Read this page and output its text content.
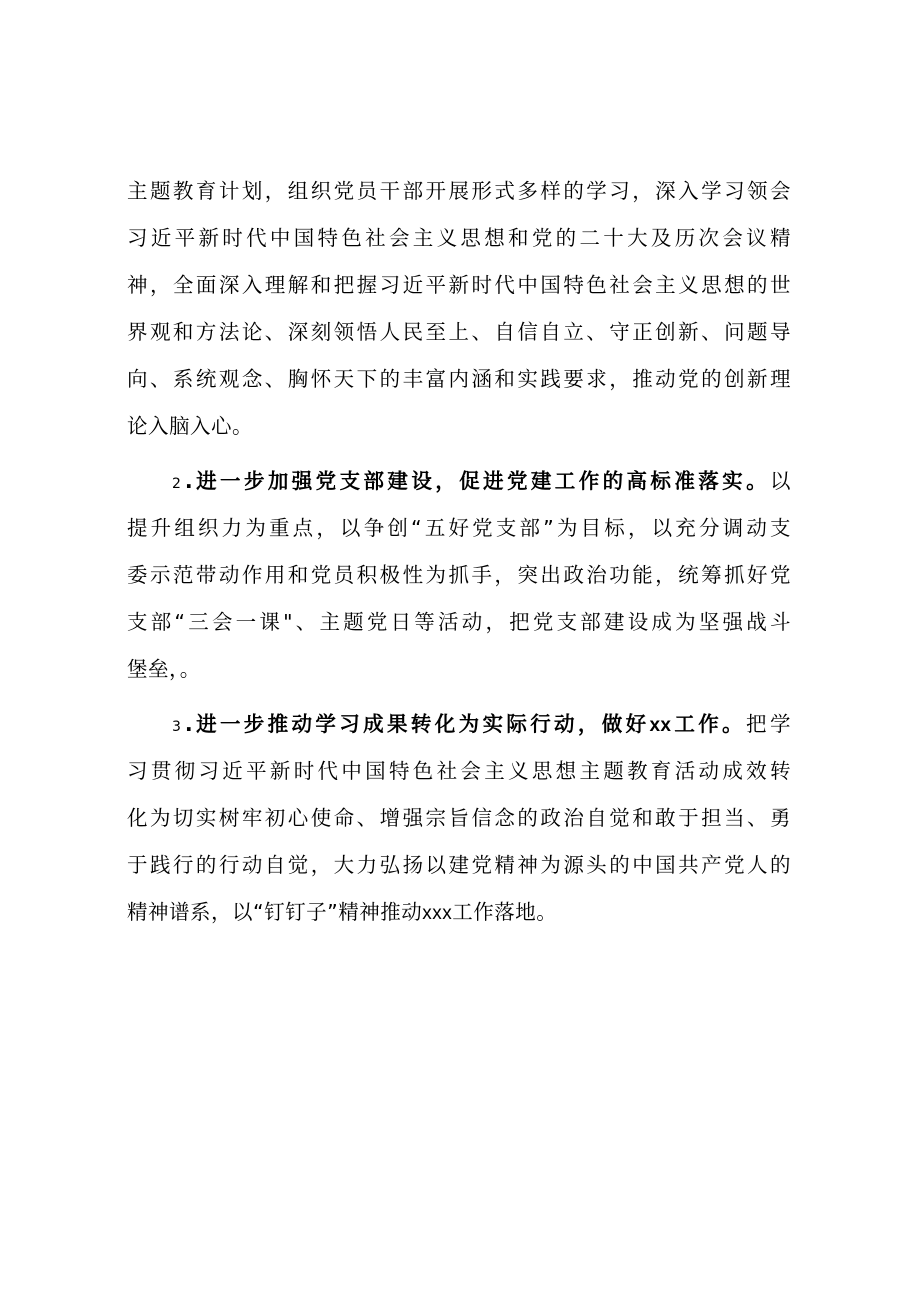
主题教育计划，组织党员干部开展形式多样的学习，深入学习领会
习近平新时代中国特色社会主义思想和党的二十大及历次会议精
神，全面深入理解和把握习近平新时代中国特色社会主义思想的世
界观和方法论、深刻领悟人民至上、自信自立、守正创新、问题导
向、系统观念、胸怀天下的丰富内涵和实践要求，推动党的创新理
论入脑入心。
2 .进一步加强党支部建设，促进党建工作的高标准落实。以
提升组织力为重点，以争创“五好党支部”为目标，以充分调动支
委示范带动作用和党员积极性为抓手，突出政治功能，统筹抓好党
支部“三会一课"、主题党日等活动，把党支部建设成为坚强战斗
堡垒，。
3 .进一步推动学习成果转化为实际行动，做好xx工作。把学
习贯彻习近平新时代中国特色社会主义思想主题教育活动成效转
化为切实树牢初心使命、增强宗旨信念的政治自觉和敢于担当、勇
于践行的行动自觉，大力弘扬以建党精神为源头的中国共产党人的
精神谱系，以“钉钉子”精神推动xxx工作落地。
